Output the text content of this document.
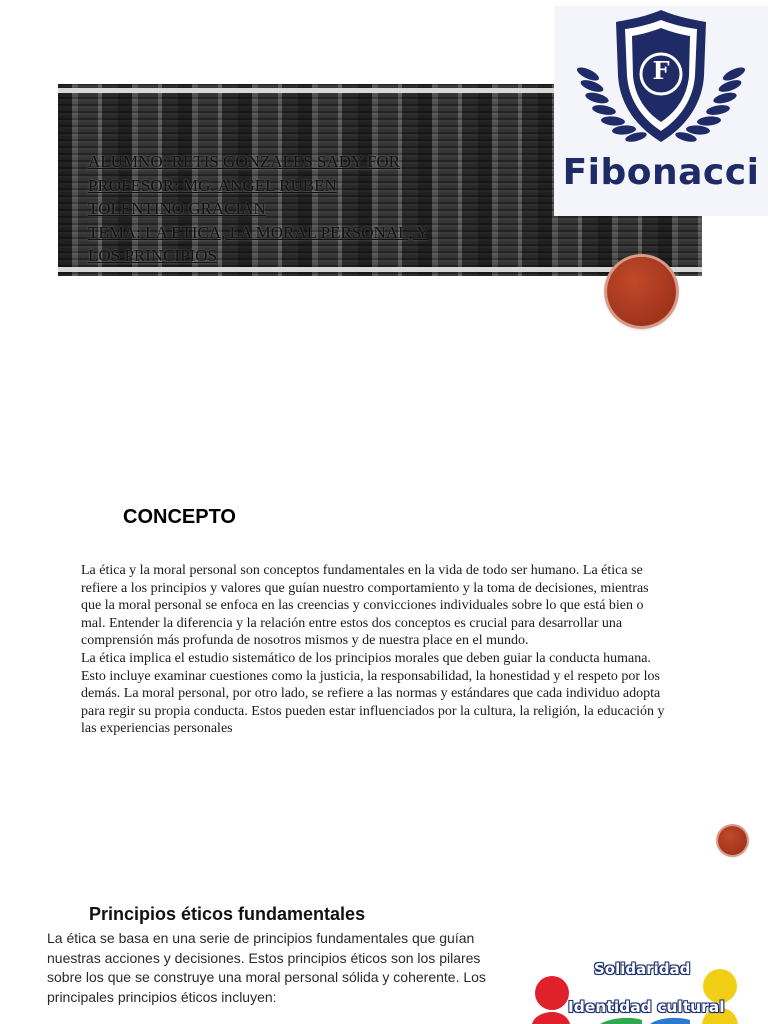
ALUMNO: RETIS GONZALES SADY FOR
PROFESOR: MG. ANGEL RUBEN
TOLENTINO GRACIAN
TEMA: LA ETICA, LA MORAL PERSONAL, Y
LOS PRINCIPIOS
F
Fibonacci
CONCEPTO

La ética y la moral personal son conceptos fundamentales en la vida de todo ser humano. La ética se refiere a los principios y valores que guían nuestro comportamiento y la toma de decisiones, mientras que la moral personal se enfoca en las creencias y convicciones individuales sobre lo que está bien o mal. Entender la diferencia y la relación entre estos dos conceptos es crucial para desarrollar una comprensión más profunda de nosotros mismos y de nuestra place en el mundo.

La ética implica el estudio sistemático de los principios morales que deben guiar la conducta humana. Esto incluye examinar cuestiones como la justicia, la responsabilidad, la honestidad y el respeto por los demás. La moral personal, por otro lado, se refiere a las normas y estándares que cada individuo adopta para regir su propia conducta. Estos pueden estar influenciados por la cultura, la religión, la educación y las experiencias personales

Principios éticos fundamentales
La ética se basa en una serie de principios fundamentales que guían nuestras acciones y decisiones. Estos principios éticos son los pilares sobre los que se construye una moral personal sólida y coherente. Los principales principios éticos incluyen:
Solidaridad
Identidad cultural
